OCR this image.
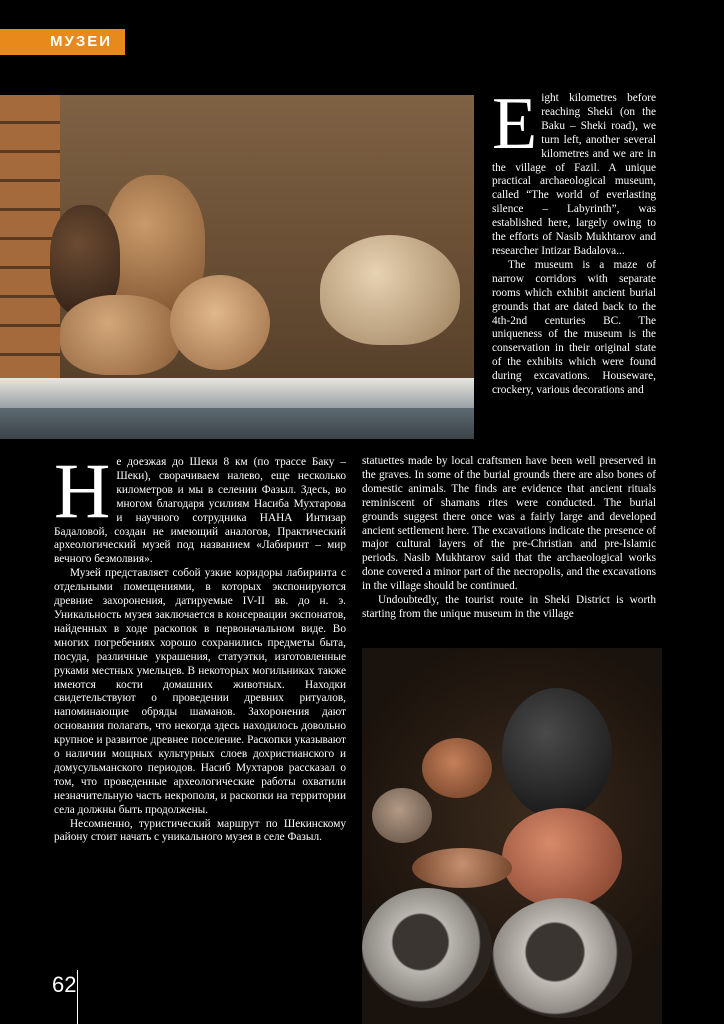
МУЗЕИ

Eight kilometres before reaching Sheki (on the Baku – Sheki road), we turn left, another several kilometres and we are in the village of Fazil. A unique practical archaeological museum, called “The world of everlasting silence – Labyrinth”, was established here, largely owing to the efforts of Nasib Mukhtarov and researcher Intizar Badalova...

The museum is a maze of narrow corridors with separate rooms which exhibit ancient burial grounds that are dated back to the 4th-2nd centuries BC. The uniqueness of the museum is the conservation in their original state of the exhibits which were found during excavations. Houseware, crockery, various decorations and

statuettes made by local craftsmen have been well preserved in the graves. In some of the burial grounds there are also bones of domestic animals. The finds are evidence that ancient rituals reminiscent of shamans rites were conducted. The burial grounds suggest there once was a fairly large and developed ancient settlement here. The excavations indicate the presence of major cultural layers of the pre-Christian and pre-Islamic periods. Nasib Mukhtarov said that the archaeological works done covered a minor part of the necropolis, and the excavations in the village should be continued.

Undoubtedly, the tourist route in Sheki District is worth starting from the unique museum in the village

Не доезжая до Шеки 8 км (по трассе Баку – Шеки), сворачиваем налево, еще несколько километров и мы в селении Фазыл. Здесь, во многом благодаря усилиям Насиба Мухтарова и научного сотрудника НАНА Интизар Бадаловой, создан не имеющий аналогов, Практический археологический музей под названием «Лабиринт – мир вечного безмолвия».

Музей представляет собой узкие коридоры лабиринта с отдельными помещениями, в которых экспонируются древние захоронения, датируемые IV-II вв. до н. э. Уникальность музея заключается в консервации экспонатов, найденных в ходе раскопок в первоначальном виде. Во многих погребениях хорошо сохранились предметы быта, посуда, различные украшения, статуэтки, изготовленные руками местных умельцев. В некоторых могильниках также имеются кости домашних животных. Находки свидетельствуют о проведении древних ритуалов, напоминающие обряды шаманов. Захоронения дают основания полагать, что некогда здесь находилось довольно крупное и развитое древнее поселение. Раскопки указывают о наличии мощных культурных слоев дохристианского и домусульманского периодов. Насиб Мухтаров рассказал о том, что проведенные археологические работы охватили незначительную часть некрополя, и раскопки на территории села должны быть продолжены.

Несомненно, туристический маршрут по Шекинскому району стоит начать с уникального музея в селе Фазыл.

62
